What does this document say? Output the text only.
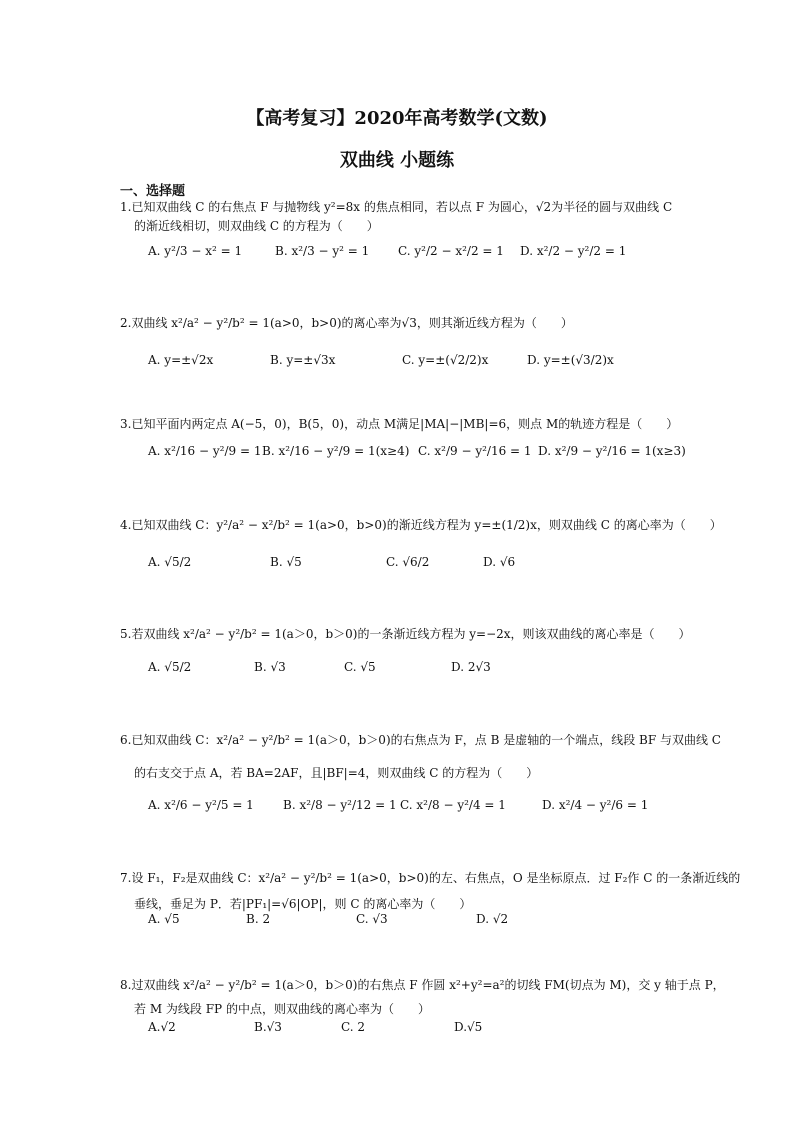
【高考复习】2020年高考数学(文数)
双曲线 小题练
一、选择题
1.已知双曲线 C 的右焦点 F 与抛物线 y²=8x 的焦点相同，若以点 F 为圆心，√2为半径的圆与双曲线 C
的渐近线相切，则双曲线 C 的方程为（　　）
A. y²/3 − x² = 1	B. x²/3 − y² = 1 C. y²/2 − x²/2 = 1 D. x²/2 − y²/2 = 1
2.双曲线 x²/a² − y²/b² = 1(a>0，b>0)的离心率为√3，则其渐近线方程为（　　）
A. y=±√2x	B. y=±√3x	C. y=±(√2/2)x	D. y=±(√3/2)x
3.已知平面内两定点 A(−5，0)，B(5，0)，动点 M满足|MA|−|MB|=6，则点 M的轨迹方程是（　　）
A. x²/16 − y²/9 = 1 B. x²/16 − y²/9 = 1(x≥4) C. x²/9 − y²/16 = 1 D. x²/9 − y²/16 = 1(x≥3)
4.已知双曲线 C：y²/a² − x²/b² = 1(a>0，b>0)的渐近线方程为 y=±(1/2)x，则双曲线 C 的离心率为（　　）
A. √5/2	B. √5	C. √6/2	D. √6
5.若双曲线 x²/a² − y²/b² = 1(a＞0，b＞0)的一条渐近线方程为 y=−2x，则该双曲线的离心率是（　　）
A. √5/2	B. √3	C. √5	D. 2√3
6.已知双曲线 C：x²/a² − y²/b² = 1(a＞0，b＞0)的右焦点为 F，点 B 是虚轴的一个端点，线段 BF 与双曲线 C
的右支交于点 A，若 BA=2AF，且|BF|=4，则双曲线 C 的方程为（　　）
A. x²/6 − y²/5 = 1 B. x²/8 − y²/12 = 1 C. x²/8 − y²/4 = 1	D. x²/4 − y²/6 = 1
7.设 F₁，F₂是双曲线 C：x²/a² − y²/b² = 1(a>0，b>0)的左、右焦点，O 是坐标原点．过 F₂作 C 的一条渐近线的
垂线，垂足为 P．若|PF₁|=√6|OP|，则 C 的离心率为（　　）
A. √5	B. 2	C. √3	D. √2
8.过双曲线 x²/a² − y²/b² = 1(a＞0，b＞0)的右焦点 F 作圆 x²+y²=a²的切线 FM(切点为 M)，交 y 轴于点 P，
若 M 为线段 FP 的中点，则双曲线的离心率为（　　）
A.√2	B.√3	C. 2	D.√5
